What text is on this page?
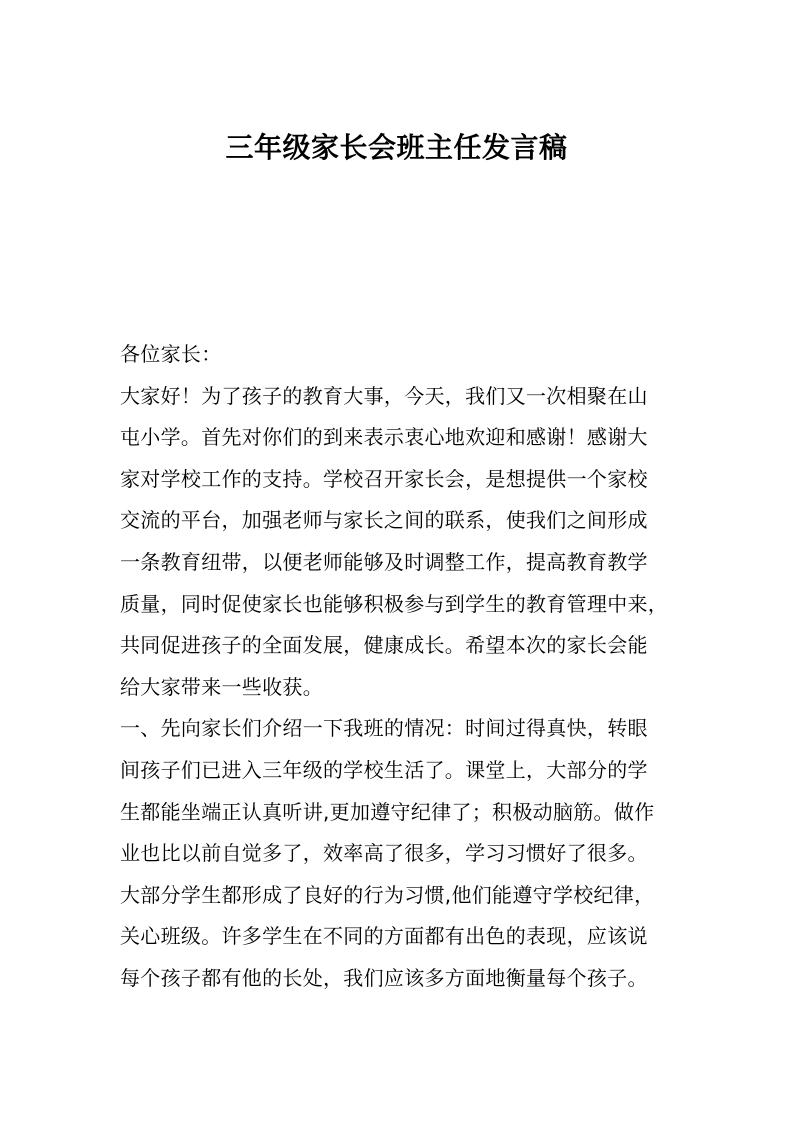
三年级家长会班主任发言稿
各位家长：
大家好！为了孩子的教育大事，今天，我们又一次相聚在山
屯小学。首先对你们的到来表示衷心地欢迎和感谢！感谢大
家对学校工作的支持。学校召开家长会，是想提供一个家校
交流的平台，加强老师与家长之间的联系，使我们之间形成
一条教育纽带，以便老师能够及时调整工作，提高教育教学
质量，同时促使家长也能够积极参与到学生的教育管理中来，
共同促进孩子的全面发展，健康成长。希望本次的家长会能
给大家带来一些收获。
一、先向家长们介绍一下我班的情况：时间过得真快，转眼
间孩子们已进入三年级的学校生活了。课堂上，大部分的学
生都能坐端正认真听讲,更加遵守纪律了；积极动脑筋。做作
业也比以前自觉多了，效率高了很多，学习习惯好了很多。
大部分学生都形成了良好的行为习惯,他们能遵守学校纪律，
关心班级。许多学生在不同的方面都有出色的表现，应该说
每个孩子都有他的长处，我们应该多方面地衡量每个孩子。
